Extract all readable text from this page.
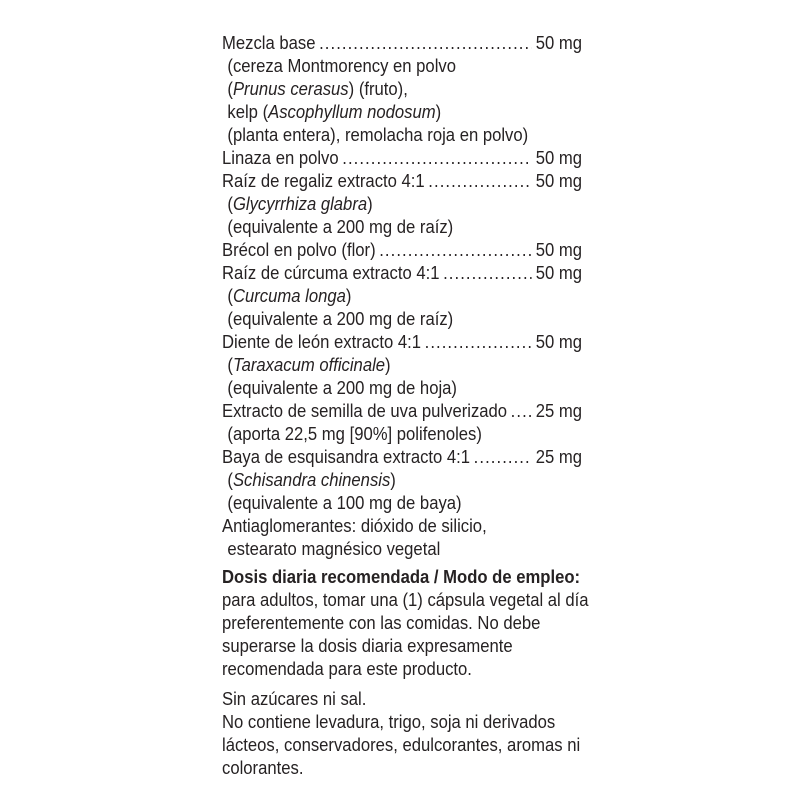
Mezcla base .....	50 mg
(cereza Montmorency en polvo
(Prunus cerasus) (fruto),
kelp (Ascophyllum nodosum)
(planta entera), remolacha roja en polvo)
Linaza en polvo .....	50 mg
Raíz de regaliz extracto 4:1 .....	50 mg
(Glycyrrhiza glabra)
(equivalente a 200 mg de raíz)
Brécol en polvo (flor) .....	50 mg
Raíz de cúrcuma extracto 4:1 .....	50 mg
(Curcuma longa)
(equivalente a 200 mg de raíz)
Diente de león extracto 4:1 .....	50 mg
(Taraxacum officinale)
(equivalente a 200 mg de hoja)
Extracto de semilla de uva pulverizado ..... 25 mg
(aporta 22,5 mg [90%] polifenoles)
Baya de esquisandra extracto 4:1 .....	25 mg
(Schisandra chinensis)
(equivalente a 100 mg de baya)
Antiaglomerantes: dióxido de silicio,
estearato magnésico vegetal
Dosis diaria recomendada / Modo de empleo:
para adultos, tomar una (1) cápsula vegetal al día
preferentemente con las comidas. No debe
superarse la dosis diaria expresamente
recomendada para este producto.
Sin azúcares ni sal.
No contiene levadura, trigo, soja ni derivados
lácteos, conservadores, edulcorantes, aromas ni
colorantes.
